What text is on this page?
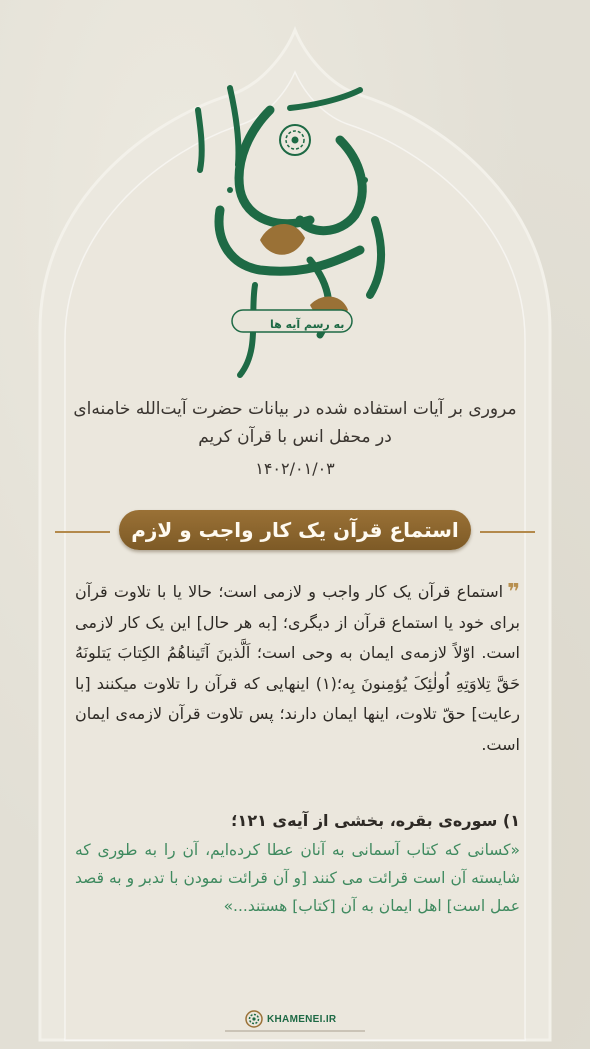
به رسم آیه ها
مروری بر آیات استفاده شده در بیانات حضرت آیت‌الله خامنه‌ای
در محفل انس با قرآن کریم
۱۴۰۲/۰۱/۰۳
استماع قرآن یک کار واجب و لازم
❞استماع قرآن یک کار واجب و لازمی است؛ حالا یا با تلاوت قرآن برای خود یا استماع قرآن از دیگری؛ [به هر حال] این یک کار لازمی است. اوّلاً لازمه‌ی ایمان به وحی است؛ اَلَّذینَ آتَیناهُمُ الکِتابَ یَتلونَهُ حَقَّ تِلاوَتِهِ اُولٰئِکَ یُؤمِنونَ بِه؛(۱) اینهایی که قرآن را تلاوت میکنند [با رعایت] حقّ تلاوت، اینها ایمان دارند؛ پس تلاوت قرآن لازمه‌ی ایمان است.
۱) سوره‌ی بقره، بخشی از آیه‌ی ۱۲۱؛
«کسانی که کتاب آسمانی به آنان عطا کرده‌ایم، آن را به طوری که شایسته آن است قرائت می کنند [و آن قرائت نمودن با تدبر و به قصد عمل است] اهل ایمان به آن [کتاب] هستند...»
KHAMENEI.IR
